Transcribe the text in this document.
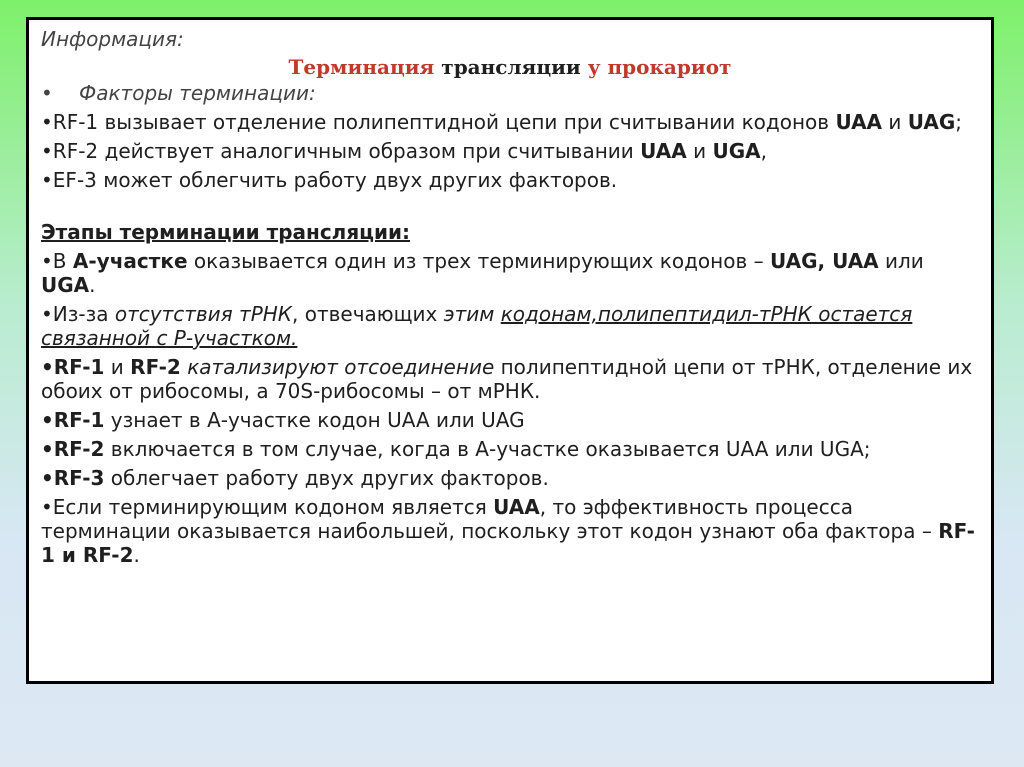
Информация:

Терминация трансляции у прокариот

• Факторы терминации:

•RF-1 вызывает отделение полипептидной цепи при считывании кодонов UAA и UAG;

•RF-2 действует аналогичным образом при считывании UAA и UGA,

•EF-3 может облегчить работу двух других факторов.

Этапы терминации трансляции:

•В А-участке оказывается один из трех терминирующих кодонов – UAG, UAA или UGA.

•Из-за отсутствия тРНК, отвечающих этим кодонам,полипептидил-тРНК остается связанной с Р-участком.

•RF-1 и RF-2 катализируют отсоединение полипептидной цепи от тРНК, отделение их обоих от рибосомы, а 70S-рибосомы – от мРНК.

•RF-1 узнает в А-участке кодон UAA или UAG

•RF-2 включается в том случае, когда в А-участке оказывается UAA или UGA;

•RF-3 облегчает работу двух других факторов.

•Если терминирующим кодоном является UAA, то эффективность процесса терминации оказывается наибольшей, поскольку этот кодон узнают оба фактора – RF-1 и RF-2.
